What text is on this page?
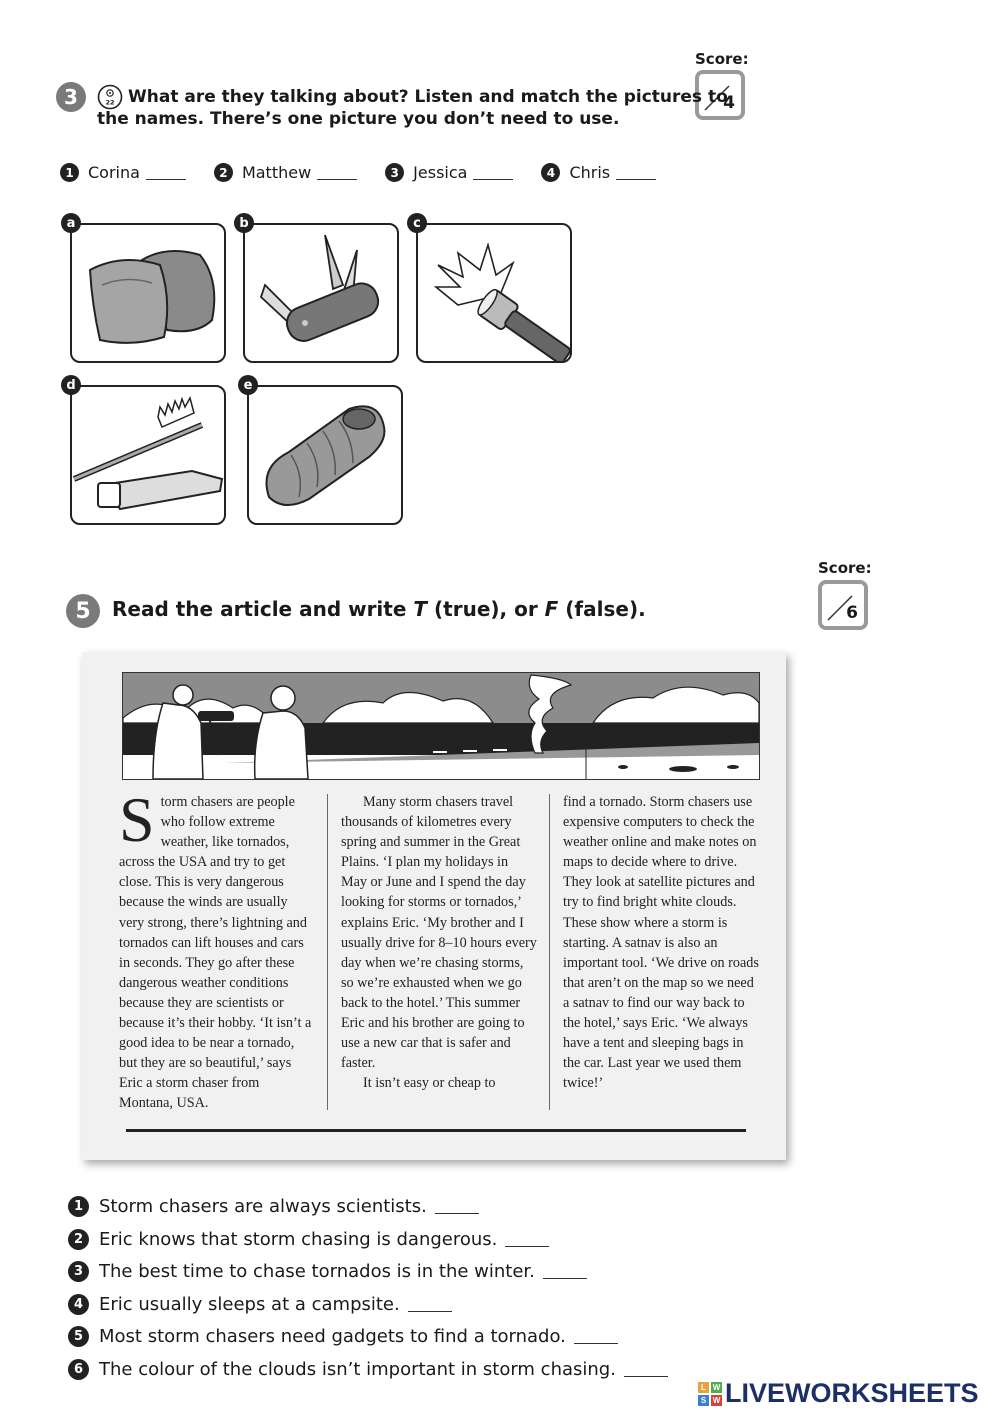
Score:
4
3	22 What are they talking about? Listen and match the pictures to
the names. There’s one picture you don’t need to use.
1 Corina	2 Matthew	3 Jessica	4 Chris
a	b	c
d	e
Score:
6
5	Read the article and write T (true), or F (false).
Storm chasers are people who follow extreme weather, like tornados, across the USA and try to get close. This is very dangerous because the winds are usually very strong, there’s lightning and tornados can lift houses and cars in seconds. They go after these dangerous weather conditions because they are scientists or because it’s their hobby. ‘It isn’t a good idea to be near a tornado, but they are so beautiful,’ says Eric a storm chaser from Montana, USA.
Many storm chasers travel thousands of kilometres every spring and summer in the Great Plains. ‘I plan my holidays in May or June and I spend the day looking for storms or tornados,’ explains Eric. ‘My brother and I usually drive for 8–10 hours every day when we’re chasing storms, so we’re exhausted when we go back to the hotel.’ This summer Eric and his brother are going to use a new car that is safer and faster.
It isn’t easy or cheap to
find a tornado. Storm chasers use expensive computers to check the weather online and make notes on maps to decide where to drive. They look at satellite pictures and try to find bright white clouds. These show where a storm is starting. A satnav is also an important tool. ‘We drive on roads that aren’t on the map so we need a satnav to find our way back to the hotel,’ says Eric. ‘We always have a tent and sleeping bags in the car. Last year we used them twice!’
1 Storm chasers are always scientists.
2 Eric knows that storm chasing is dangerous.
3 The best time to chase tornados is in the winter.
4 Eric usually sleeps at a campsite.
5 Most storm chasers need gadgets to find a tornado.
6 The colour of the clouds isn’t important in storm chasing.
L W
S W LIVEWORKSHEETS
